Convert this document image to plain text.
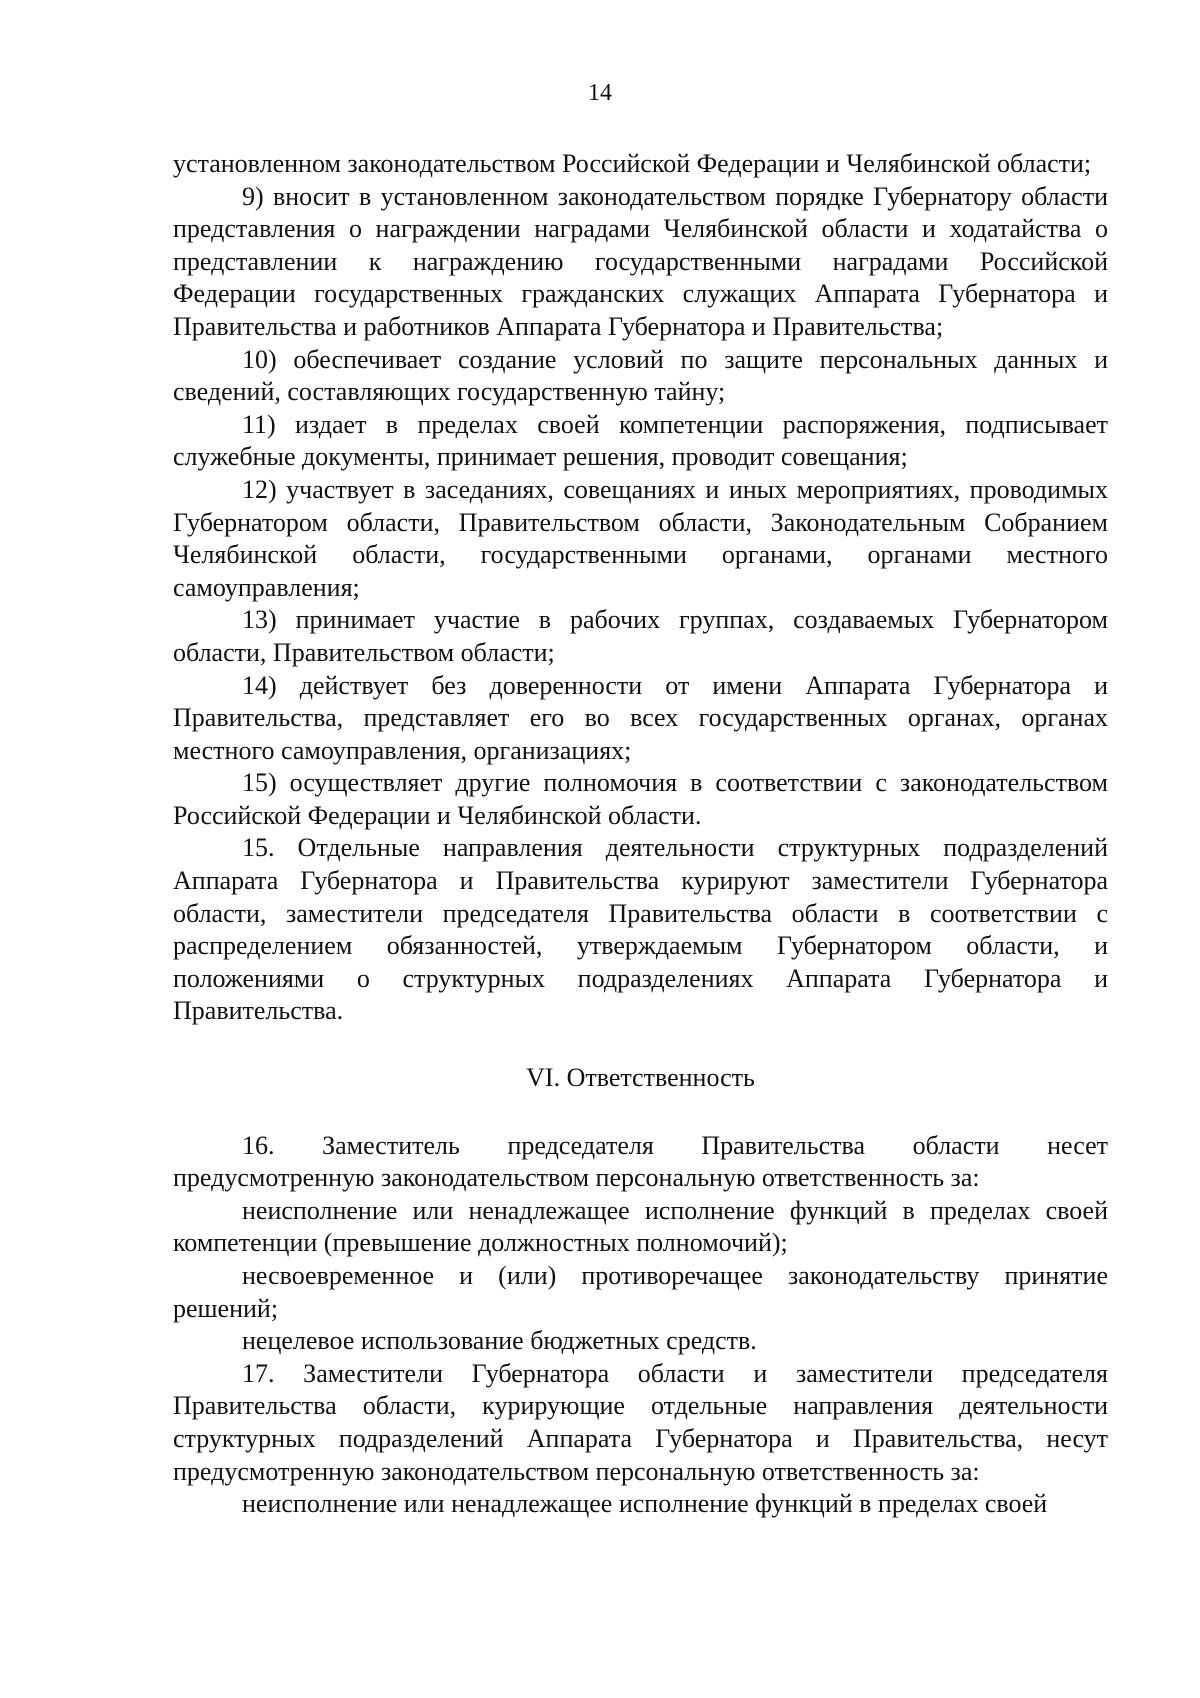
14

установленном законодательством Российской Федерации и Челябинской области;

9) вносит в установленном законодательством порядке Губернатору области представления о награждении наградами Челябинской области и ходатайства о представлении к награждению государственными наградами Российской Федерации государственных гражданских служащих Аппарата Губернатора и Правительства и работников Аппарата Губернатора и Правительства;

10) обеспечивает создание условий по защите персональных данных и сведений, составляющих государственную тайну;

11) издает в пределах своей компетенции распоряжения, подписывает служебные документы, принимает решения, проводит совещания;

12) участвует в заседаниях, совещаниях и иных мероприятиях, проводимых Губернатором области, Правительством области, Законодательным Собранием Челябинской области, государственными органами, органами местного самоуправления;

13) принимает участие в рабочих группах, создаваемых Губернатором области, Правительством области;

14) действует без доверенности от имени Аппарата Губернатора и Правительства, представляет его во всех государственных органах, органах местного самоуправления, организациях;

15) осуществляет другие полномочия в соответствии с законодательством Российской Федерации и Челябинской области.

15. Отдельные направления деятельности структурных подразделений Аппарата Губернатора и Правительства курируют заместители Губернатора области, заместители председателя Правительства области в соответствии с распределением обязанностей, утверждаемым Губернатором области, и положениями о структурных подразделениях Аппарата Губернатора и Правительства.

VI. Ответственность

16. Заместитель председателя Правительства области несет предусмотренную законодательством персональную ответственность за:

неисполнение или ненадлежащее исполнение функций в пределах своей компетенции (превышение должностных полномочий);

несвоевременное и (или) противоречащее законодательству принятие решений;

нецелевое использование бюджетных средств.

17. Заместители Губернатора области и заместители председателя Правительства области, курирующие отдельные направления деятельности структурных подразделений Аппарата Губернатора и Правительства, несут предусмотренную законодательством персональную ответственность за:

неисполнение или ненадлежащее исполнение функций в пределах своей
